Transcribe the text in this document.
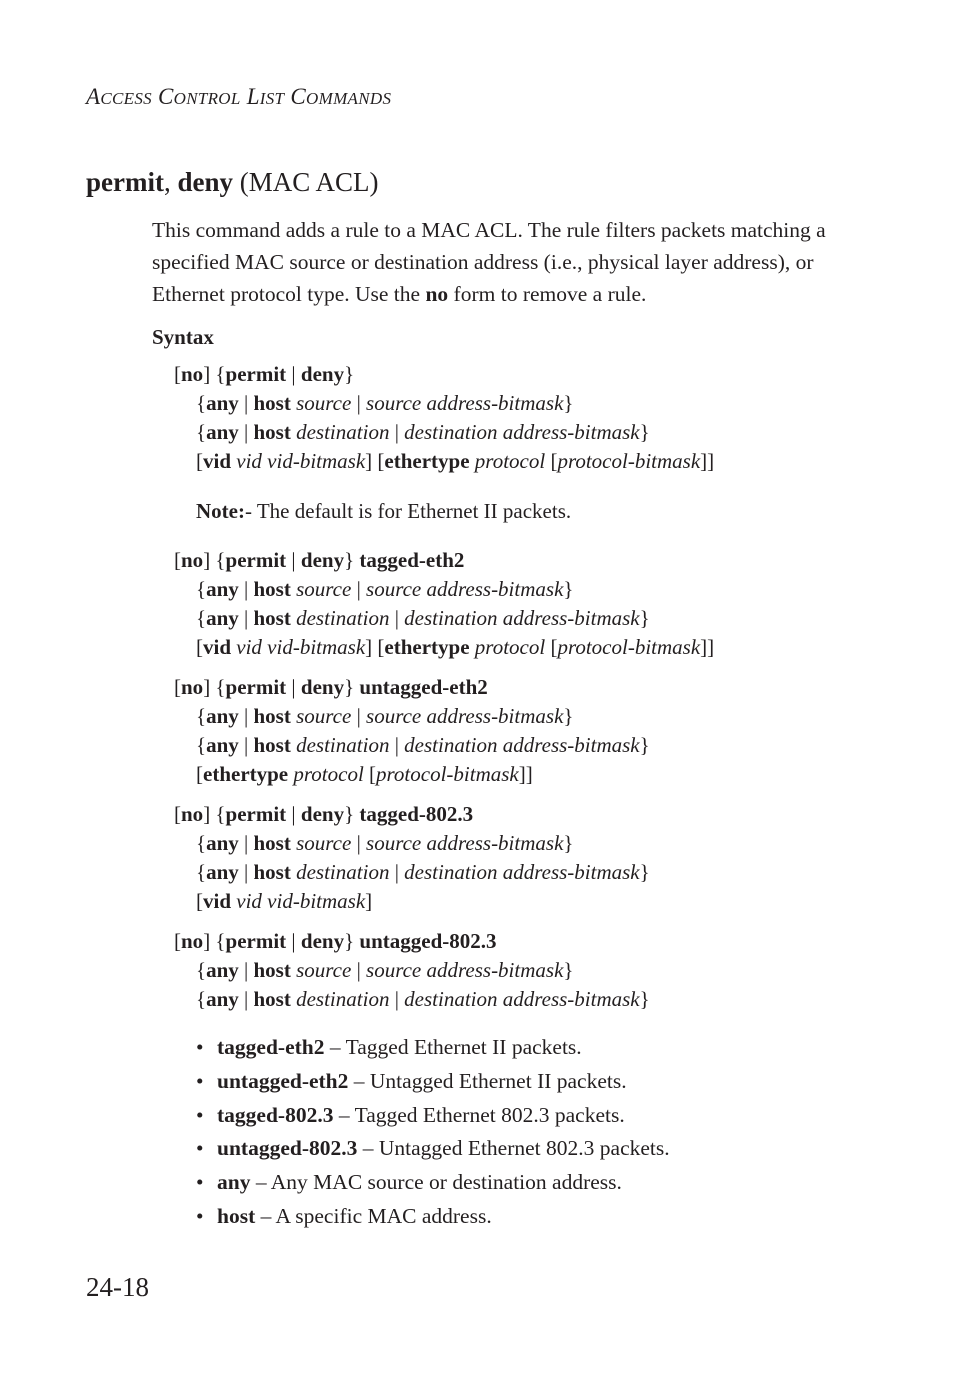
ACCESS CONTROL LIST COMMANDS
permit, deny (MAC ACL)

This command adds a rule to a MAC ACL. The rule filters packets matching a specified MAC source or destination address (i.e., physical layer address), or Ethernet protocol type. Use the no form to remove a rule.

Syntax
[no] {permit | deny}
{any | host source | source address-bitmask}
{any | host destination | destination address-bitmask}
[vid vid vid-bitmask] [ethertype protocol [protocol-bitmask]]
Note:- The default is for Ethernet II packets.
[no] {permit | deny} tagged-eth2
{any | host source | source address-bitmask}
{any | host destination | destination address-bitmask}
[vid vid vid-bitmask] [ethertype protocol [protocol-bitmask]]
[no] {permit | deny} untagged-eth2
{any | host source | source address-bitmask}
{any | host destination | destination address-bitmask}
[ethertype protocol [protocol-bitmask]]
[no] {permit | deny} tagged-802.3
{any | host source | source address-bitmask}
{any | host destination | destination address-bitmask}
[vid vid vid-bitmask]
[no] {permit | deny} untagged-802.3
{any | host source | source address-bitmask}
{any | host destination | destination address-bitmask}
• tagged-eth2 – Tagged Ethernet II packets.
• untagged-eth2 – Untagged Ethernet II packets.
• tagged-802.3 – Tagged Ethernet 802.3 packets.
• untagged-802.3 – Untagged Ethernet 802.3 packets.
• any – Any MAC source or destination address.
• host – A specific MAC address.
24-18
